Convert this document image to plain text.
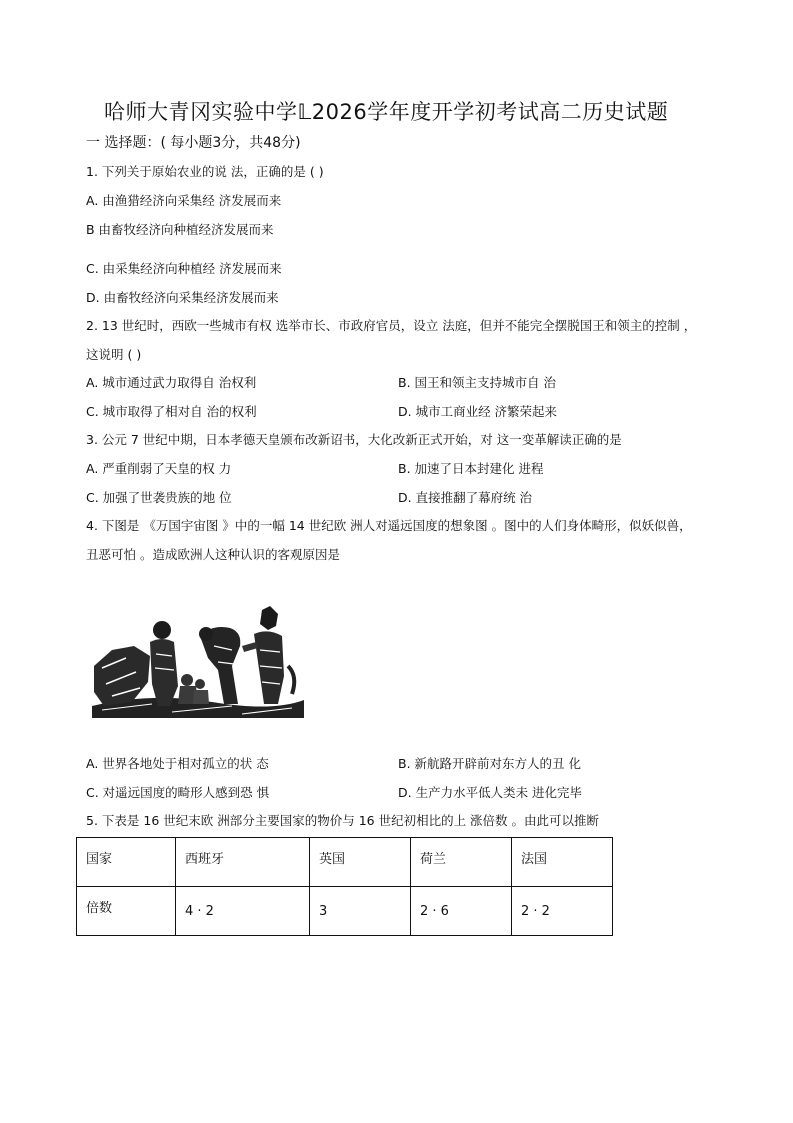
哈师大青冈实验中学𝕃2026学年度开学初考试高二历史试题
一 选择题：( 每小题3分，共48分)
1. 下列关于原始农业的说 法，正确的是 ( )
A. 由渔猎经济向采集经 济发展而来
B 由畜牧经济向种植经济发展而来
C. 由采集经济向种植经 济发展而来
D. 由畜牧经济向采集经济发展而来
2. 13 世纪时，西欧一些城市有权 选举市长、市政府官员，设立 法庭，但并不能完全摆脱国王和领主的控制 ，
这说明 ( )
A. 城市通过武力取得自 治权利	B. 国王和领主支持城市自 治
C. 城市取得了相对自 治的权利	D. 城市工商业经 济繁荣起来
3. 公元 7 世纪中期，日本孝德天皇颁布改新诏书，大化改新正式开始，对 这一变革解读正确的是
A. 严重削弱了天皇的权 力	B. 加速了日本封建化 进程
C. 加强了世袭贵族的地 位	D. 直接推翻了幕府统 治
4. 下图是 《万国宇宙图 》中的一幅 14 世纪欧 洲人对遥远国度的想象图 。图中的人们身体畸形，似妖似兽，
丑恶可怕 。造成欧洲人这种认识的客观原因是
A. 世界各地处于相对孤立的状 态	B. 新航路开辟前对东方人的丑 化
C. 对遥远国度的畸形人感到恐 惧	D. 生产力水平低人类未 进化完毕
5. 下表是 16 世纪末欧 洲部分主要国家的物价与 16 世纪初相比的上 涨倍数 。由此可以推断
国家	西班牙	英国	荷兰	法国
倍数	4 · 2	3	2 · 6	2 · 2
